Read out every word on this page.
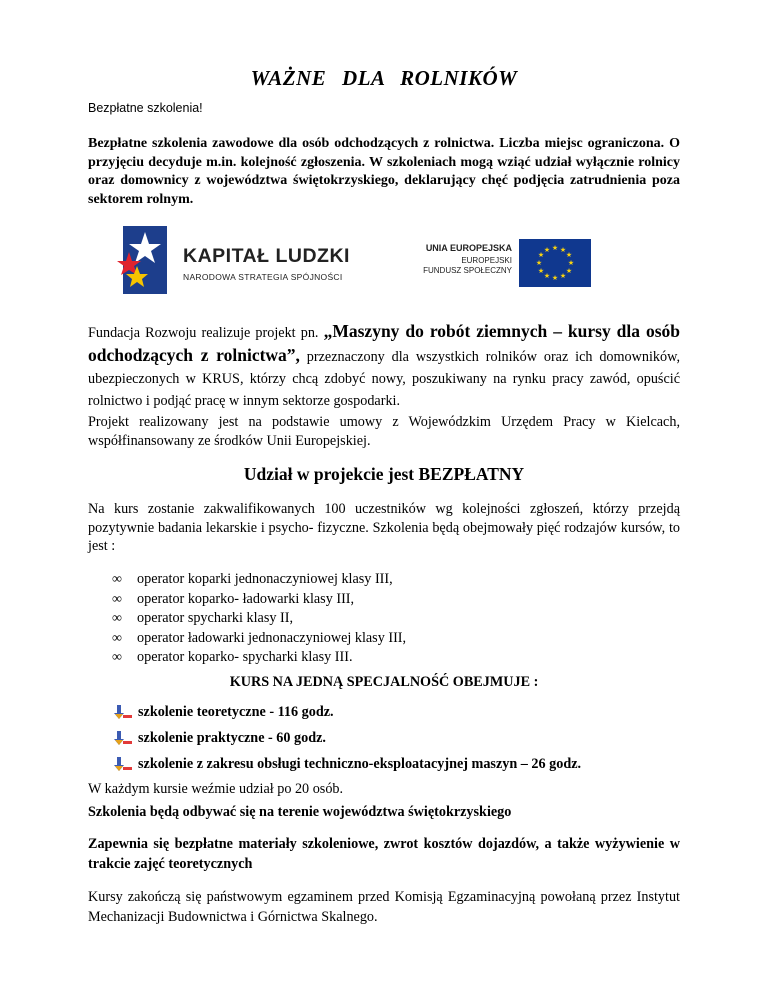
WAŻNE DLA ROLNIKÓW
Bezpłatne szkolenia!
Bezpłatne szkolenia zawodowe dla osób odchodzących z rolnictwa. Liczba miejsc ograniczona. O przyjęciu decyduje m.in. kolejność zgłoszenia. W szkoleniach mogą wziąć udział wyłącznie rolnicy oraz domownicy z województwa świętokrzyskiego, deklarujący chęć podjęcia zatrudnienia poza sektorem rolnym.
KAPITAŁ LUDZKI
NARODOWA STRATEGIA SPÓJNOŚCI
UNIA EUROPEJSKA
EUROPEJSKI
FUNDUSZ SPOŁECZNY
★ ★
★
★
★
★
★
★
★
★
★
★
Fundacja Rozwoju realizuje projekt pn. „Maszyny do robót ziemnych – kursy dla osób odchodzących z rolnictwa”, przeznaczony dla wszystkich rolników oraz ich domowników, ubezpieczonych w KRUS, którzy chcą zdobyć nowy, poszukiwany na rynku pracy zawód, opuścić rolnictwo i podjąć pracę w innym sektorze gospodarki.
Projekt realizowany jest na podstawie umowy z Wojewódzkim Urzędem Pracy w Kielcach, współfinansowany ze środków Unii Europejskiej.
Udział w projekcie jest BEZPŁATNY
Na kurs zostanie zakwalifikowanych 100 uczestników wg kolejności zgłoszeń, którzy przejdą pozytywnie badania lekarskie i psycho- fizyczne. Szkolenia będą obejmowały pięć rodzajów kursów, to jest :
∞	operator koparki jednonaczyniowej klasy III,
∞	operator koparko- ładowarki klasy III,
∞	operator spycharki klasy II,
∞	operator ładowarki jednonaczyniowej klasy III,
∞	operator koparko- spycharki klasy III.
KURS NA JEDNĄ SPECJALNOŚĆ OBEJMUJE :
szkolenie teoretyczne - 116 godz.
szkolenie praktyczne - 60 godz.
szkolenie z zakresu obsługi techniczno-eksploatacyjnej maszyn – 26 godz.
W każdym kursie weźmie udział po 20 osób.
Szkolenia będą odbywać się na terenie województwa świętokrzyskiego
Zapewnia się bezpłatne materiały szkoleniowe, zwrot kosztów dojazdów, a także wyżywienie w trakcie zajęć teoretycznych
Kursy zakończą się państwowym egzaminem przed Komisją Egzaminacyjną powołaną przez Instytut Mechanizacji Budownictwa i Górnictwa Skalnego.
